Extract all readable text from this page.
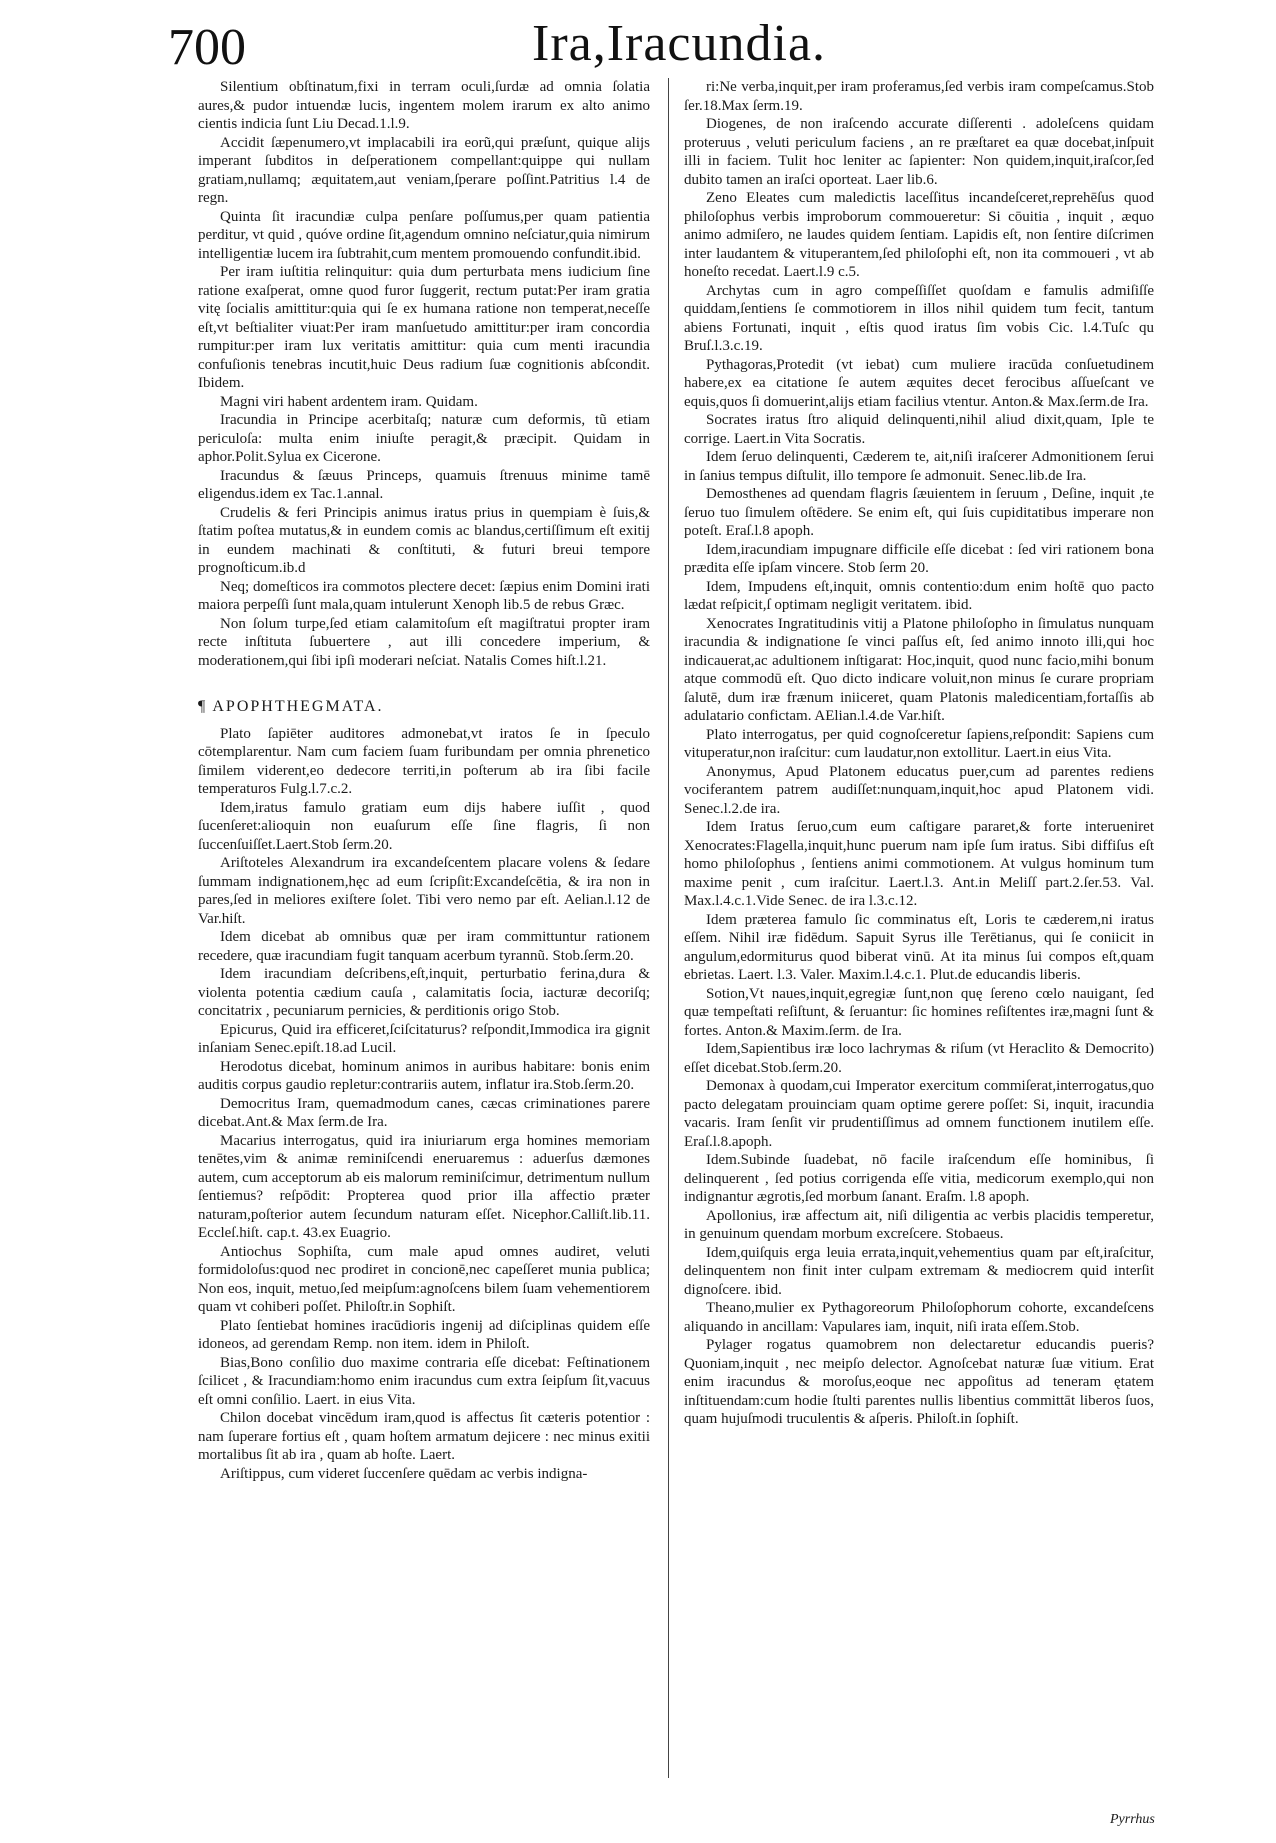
700	Ira,Iracundia.

Silentium obſtinatum,fixi in terram oculi,ſurdæ ad omnia ſolatia aures,& pudor intuendæ lucis, ingentem molem irarum ex alto animo cientis indicia ſunt Liu Decad.1.l.9.

Accidit ſæpenumero,vt implacabili ira eorũ,qui præſunt, quique alijs imperant ſubditos in deſperationem compellant:quippe qui nullam gratiam,nullamq; æquitatem,aut veniam,ſperare poſſint.Patritius l.4 de regn.

Quinta ſit iracundiæ culpa penſare poſſumus,per quam patientia perditur, vt quid , quóve ordine ſit,agendum omnino neſciatur,quia nimirum intelligentiæ lucem ira ſubtrahit,cum mentem promouendo confundit.ibid.

Per iram iuſtitia relinquitur: quia dum perturbata mens iudicium ſine ratione exaſperat, omne quod furor ſuggerit, rectum putat:Per iram gratia vitę ſocialis amittitur:quia qui ſe ex humana ratione non temperat,neceſſe eſt,vt beſtialiter viuat:Per iram manſuetudo amittitur:per iram concordia rumpitur:per iram lux veritatis amittitur: quia cum menti iracundia confuſionis tenebras incutit,huic Deus radium ſuæ cognitionis abſcondit. Ibidem.

Magni viri habent ardentem iram. Quidam.

Iracundia in Principe acerbitaſq; naturæ cum deformis, tũ etiam periculoſa: multa enim iniuſte peragit,& præcipit. Quidam in aphor.Polit.Sylua ex Cicerone.

Iracundus & ſæuus Princeps, quamuis ſtrenuus minime tamē eligendus.idem ex Tac.1.annal.

Crudelis & feri Principis animus iratus prius in quempiam è ſuis,& ſtatim poſtea mutatus,& in eundem comis ac blandus,certiſſimum eſt exitij in eundem machinati & conſtituti, & futuri breui tempore prognoſticum.ib.d

Neq; domeſticos ira commotos plectere decet: ſæpius enim Domini irati maiora perpeſſi ſunt mala,quam intulerunt Xenoph lib.5 de rebus Græc.

Non ſolum turpe,ſed etiam calamitoſum eſt magiſtratui propter iram recte inſtituta ſubuertere , aut illi concedere imperium, & moderationem,qui ſibi ipſi moderari neſciat. Natalis Comes hiſt.l.21.

¶ APOPHTHEGMATA.

Plato ſapiēter auditores admonebat,vt iratos ſe in ſpeculo cōtemplarentur. Nam cum faciem ſuam furibundam per omnia phrenetico ſimilem viderent,eo dedecore territi,in poſterum ab ira ſibi facile temperaturos Fulg.l.7.c.2.

Idem,iratus famulo gratiam eum dijs habere iuſſit , quod ſucenſeret:alioquin non euaſurum eſſe ſine flagris, ſi non ſuccenſuiſſet.Laert.Stob ſerm.20.

Ariſtoteles Alexandrum ira excandeſcentem placare volens & ſedare ſummam indignationem,hęc ad eum ſcripſit:Excandeſcētia, & ira non in pares,ſed in meliores exiſtere ſolet. Tibi vero nemo par eſt. Aelian.l.12 de Var.hiſt.

Idem dicebat ab omnibus quæ per iram committuntur rationem recedere, quæ iracundiam fugit tanquam acerbum tyrannũ. Stob.ſerm.20.

Idem iracundiam deſcribens,eſt,inquit, perturbatio ferina,dura & violenta potentia cædium cauſa , calamitatis ſocia, iacturæ decoriſq; concitatrix , pecuniarum pernicies, & perditionis origo Stob.

Epicurus, Quid ira efficeret,ſciſcitaturus? reſpondit,Immodica ira gignit inſaniam Senec.epiſt.18.ad Lucil.

Herodotus dicebat, hominum animos in auribus habitare: bonis enim auditis corpus gaudio repletur:contrariis autem, inflatur ira.Stob.ſerm.20.

Democritus Iram, quemadmodum canes, cæcas criminationes parere dicebat.Ant.& Max ſerm.de Ira.

Macarius interrogatus, quid ira iniuriarum erga homines memoriam tenētes,vim & animæ reminiſcendi eneruaremus : aduerſus dæmones autem, cum acceptorum ab eis malorum reminiſcimur, detrimentum nullum ſentiemus? reſpōdit: Propterea quod prior illa affectio præter naturam,poſterior autem ſecundum naturam eſſet. Nicephor.Calliſt.lib.11. Eccleſ.hiſt. cap.t. 43.ex Euagrio.

Antiochus Sophiſta, cum male apud omnes audiret, veluti formidoloſus:quod nec prodiret in concionē,nec capeſſeret munia publica; Non eos, inquit, metuo,ſed meipſum:agnoſcens bilem ſuam vehementiorem quam vt cohiberi poſſet. Philoſtr.in Sophiſt.

Plato ſentiebat homines iracūdioris ingenij ad diſciplinas quidem eſſe idoneos, ad gerendam Remp. non item. idem in Philoſt.

Bias,Bono conſilio duo maxime contraria eſſe dicebat: Feſtinationem ſcilicet , & Iracundiam:homo enim iracundus cum extra ſeipſum ſit,vacuus eſt omni conſilio. Laert. in eius Vita.

Chilon docebat vincēdum iram,quod is affectus ſit cæteris potentior : nam ſuperare fortius eſt , quam hoſtem armatum dejicere : nec minus exitii mortalibus ſit ab ira , quam ab hoſte. Laert.

Ariſtippus, cum videret ſuccenſere quēdam ac verbis indigna-

ri:Ne verba,inquit,per iram proferamus,ſed verbis iram compeſcamus.Stob ſer.18.Max ſerm.19.

Diogenes, de non iraſcendo accurate diſſerenti . adoleſcens quidam proteruus , veluti periculum faciens , an re præſtaret ea quæ docebat,inſpuit illi in faciem. Tulit hoc leniter ac ſapienter: Non quidem,inquit,iraſcor,ſed dubito tamen an iraſci oporteat. Laer lib.6.

Zeno Eleates cum maledictis laceſſitus incandeſceret,reprehēſus quod philoſophus verbis improborum commoueretur: Si cōuitia , inquit , æquo animo admiſero, ne laudes quidem ſentiam. Lapidis eſt, non ſentire diſcrimen inter laudantem & vituperantem,ſed philoſophi eſt, non ita commoueri , vt ab honeſto recedat. Laert.l.9 c.5.

Archytas cum in agro compeſſiſſet quoſdam e famulis admiſiſſe quiddam,ſentiens ſe commotiorem in illos nihil quidem tum fecit, tantum abiens Fortunati, inquit , eſtis quod iratus ſim vobis Cic. l.4.Tuſc qu Bruſ.l.3.c.19.

Pythagoras,Protedit (vt iebat) cum muliere iracūda conſuetudinem habere,ex ea citatione ſe autem æquites decet ferocibus aſſueſcant ve equis,quos ſi domuerint,alijs etiam facilius vtentur. Anton.& Max.ſerm.de Ira.

Socrates iratus ſtro aliquid delinquenti,nihil aliud dixit,quam, Iple te corrige. Laert.in Vita Socratis.

Idem ſeruo delinquenti, Cæderem te, ait,niſi iraſcerer Admonitionem ſerui in ſanius tempus diſtulit, illo tempore ſe admonuit. Senec.lib.de Ira.

Demosthenes ad quendam flagris ſæuientem in ſeruum , Deſine, inquit ,te ſeruo tuo ſimulem oſtēdere. Se enim eſt, qui ſuis cupiditatibus imperare non poteſt. Eraſ.l.8 apoph.

Idem,iracundiam impugnare difficile eſſe dicebat : ſed viri rationem bona prædita eſſe ipſam vincere. Stob ſerm 20.

Idem, Impudens eſt,inquit, omnis contentio:dum enim hoſtē quo pacto lædat reſpicit,ſ optimam negligit veritatem. ibid.

Xenocrates Ingratitudinis vitij a Platone philoſopho in ſimulatus nunquam iracundia & indignatione ſe vinci paſſus eſt, ſed animo innoto illi,qui hoc indicauerat,ac adultionem inſtigarat: Hoc,inquit, quod nunc facio,mihi bonum atque commodū eſt. Quo dicto indicare voluit,non minus ſe curare propriam ſalutē, dum iræ frænum iniiceret, quam Platonis maledicentiam,fortaſſis ab adulatario confictam. AElian.l.4.de Var.hiſt.

Plato interrogatus, per quid cognoſceretur ſapiens,reſpondit: Sapiens cum vituperatur,non iraſcitur: cum laudatur,non extollitur. Laert.in eius Vita.

Anonymus, Apud Platonem educatus puer,cum ad parentes rediens vociferantem patrem audiſſet:nunquam,inquit,hoc apud Platonem vidi. Senec.l.2.de ira.

Idem Iratus ſeruo,cum eum caſtigare pararet,& forte interueniret Xenocrates:Flagella,inquit,hunc puerum nam ipſe ſum iratus. Sibi diffiſus eſt homo philoſophus , ſentiens animi commotionem. At vulgus hominum tum maxime penit , cum iraſcitur. Laert.l.3. Ant.in Meliſſ part.2.ſer.53. Val. Max.l.4.c.1.Vide Senec. de ira l.3.c.12.

Idem præterea famulo ſic comminatus eſt, Loris te cæderem,ni iratus eſſem. Nihil iræ fidēdum. Sapuit Syrus ille Terētianus, qui ſe coniicit in angulum,edormiturus quod biberat vinū. At ita minus ſui compos eſt,quam ebrietas. Laert. l.3. Valer. Maxim.l.4.c.1. Plut.de educandis liberis.

Sotion,Vt naues,inquit,egregiæ ſunt,non quę ſereno cœlo nauigant, ſed quæ tempeſtati reſiſtunt, & ſeruantur: ſic homines reſiſtentes iræ,magni ſunt & fortes. Anton.& Maxim.ſerm. de Ira.

Idem,Sapientibus iræ loco lachrymas & riſum (vt Heraclito & Democrito) eſſet dicebat.Stob.ſerm.20.

Demonax à quodam,cui Imperator exercitum commiſerat,interrogatus,quo pacto delegatam prouinciam quam optime gerere poſſet: Si, inquit, iracundia vacaris. Iram ſenſit vir prudentiſſimus ad omnem functionem inutilem eſſe. Eraſ.l.8.apoph.

Idem.Subinde ſuadebat, nō facile iraſcendum eſſe hominibus, ſi delinquerent , ſed potius corrigenda eſſe vitia, medicorum exemplo,qui non indignantur ægrotis,ſed morbum ſanant. Eraſm. l.8 apoph.

Apollonius, iræ affectum ait, niſi diligentia ac verbis placidis temperetur, in genuinum quendam morbum excreſcere. Stobaeus.

Idem,quiſquis erga leuia errata,inquit,vehementius quam par eſt,iraſcitur, delinquentem non finit inter culpam extremam & mediocrem quid interſit dignoſcere. ibid.

Theano,mulier ex Pythagoreorum Philoſophorum cohorte, excandeſcens aliquando in ancillam: Vapulares iam, inquit, niſi irata eſſem.Stob.

Pylager rogatus quamobrem non delectaretur educandis pueris? Quoniam,inquit , nec meipſo delector. Agnoſcebat naturæ ſuæ vitium. Erat enim iracundus & moroſus,eoque nec appoſitus ad teneram ętatem inſtituendam:cum hodie ſtulti parentes nullis libentius committāt liberos ſuos, quam hujuſmodi truculentis & aſperis. Philoſt.in ſophiſt.

Pyrrhus
